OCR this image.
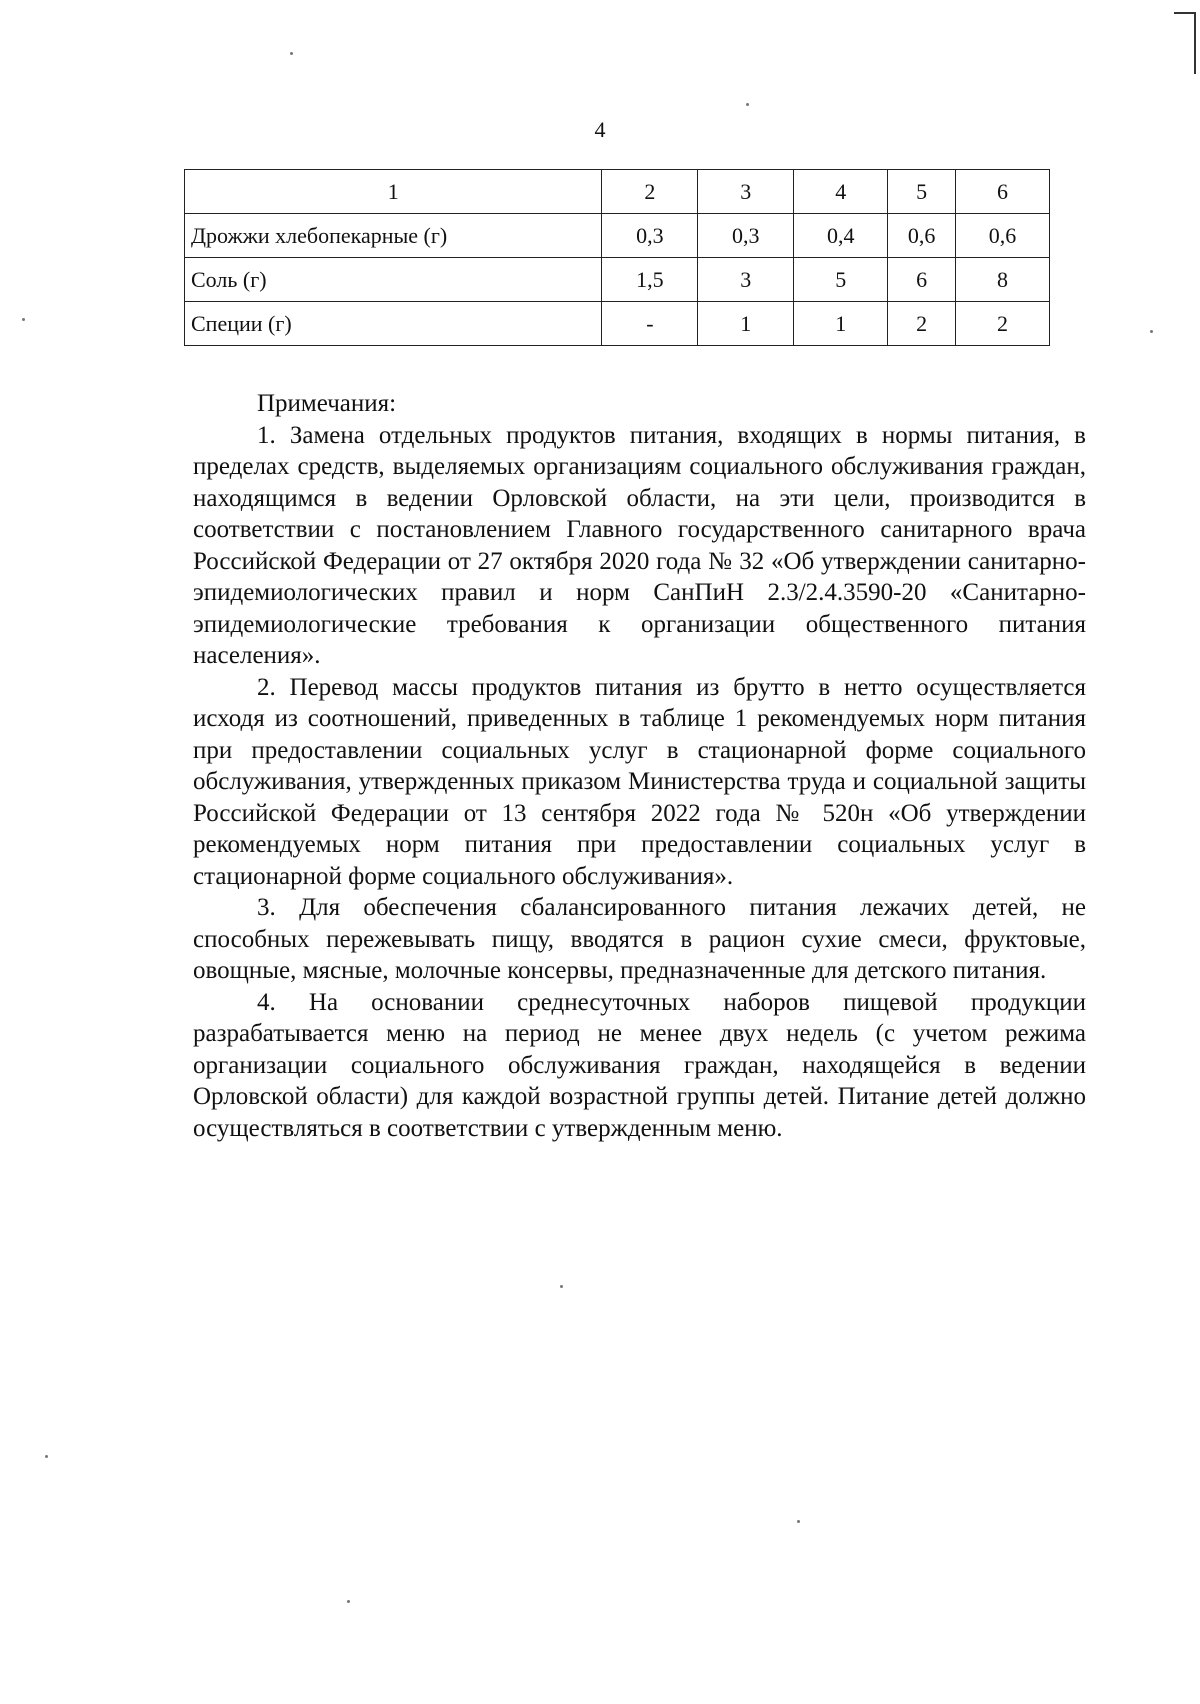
4
1	2	3	4	5	6
Дрожжи хлебопекарные (г)	0,3	0,3	0,4	0,6	0,6
Соль (г)	1,5	3	5	6	8
Специи (г)	-	1	1	2	2
Примечания:

1. Замена отдельных продуктов питания, входящих в нормы питания, в пределах средств, выделяемых организациям социального обслуживания граждан, находящимся в ведении Орловской области, на эти цели, производится в соответствии с постановлением Главного государственного санитарного врача Российской Федерации от 27 октября 2020 года № 32 «Об утверждении санитарно-эпидемиологических правил и норм СанПиН 2.3/2.4.3590-20 «Санитарно-эпидемиологические требования к организации общественного питания населения».

2. Перевод массы продуктов питания из брутто в нетто осуществляется исходя из соотношений, приведенных в таблице 1 рекомендуемых норм питания при предоставлении социальных услуг в стационарной форме социального обслуживания, утвержденных приказом Министерства труда и социальной защиты Российской Федерации от 13 сентября 2022 года № 520н «Об утверждении рекомендуемых норм питания при предоставлении социальных услуг в стационарной форме социального обслуживания».

3. Для обеспечения сбалансированного питания лежачих детей, не способных пережевывать пищу, вводятся в рацион сухие смеси, фруктовые, овощные, мясные, молочные консервы, предназначенные для детского питания.

4. На основании среднесуточных наборов пищевой продукции разрабатывается меню на период не менее двух недель (с учетом режима организации социального обслуживания граждан, находящейся в ведении Орловской области) для каждой возрастной группы детей. Питание детей должно осуществляться в соответствии с утвержденным меню.
